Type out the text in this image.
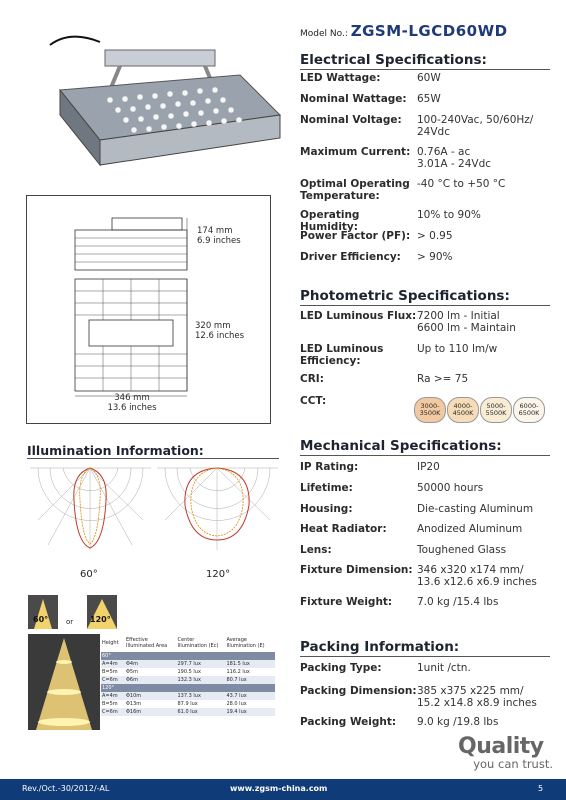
174 mm
6.9 inches
320 mm
12.6 inches
346 mm
13.6 inches
Illumination Information:
60°	120°
60°	or 120°
Height	Effective Illuminated Area	Center Illumination (Ec)	Average Illumination (E)
60°			
A=4m	Φ4m	297.7 lux	181.5 lux
B=5m	Φ5m	190.5 lux	116.2 lux
C=6m	Φ6m	132.3 lux	80.7 lux
120°			
A=4m	Φ10m	137.3 lux	43.7 lux
B=5m	Φ13m	87.9 lux	28.0 lux
C=6m	Φ16m	61.0 lux	19.4 lux
Model No.: ZGSM-LGCD60WD
Electrical Specifications:
LED Wattage:	60W
Nominal Wattage: 65W
Nominal Voltage:	100-240Vac, 50/60Hz/
24Vdc
Maximum Current: 0.76A - ac
3.01A - 24Vdc
Optimal Operating
Temperature:
-40 °C to +50 °C
Operating Humidity:
10% to 90%
Power Factor (PF): > 0.95
Driver Efficiency:	> 90%
Photometric Specifications:
LED Luminous Flux: 7200 lm - Initial
6600 lm - Maintain
LED Luminous
Efficiency:
Up to 110 lm/w
CRI:	Ra >= 75
CCT:	3000-
3500K
4000-
4500K
5000-
5500K
6000-
6500K
Mechanical Specifications:
IP Rating:	IP20
Lifetime:	50000 hours
Housing:	Die-casting Aluminum
Heat Radiator:	Anodized Aluminum
Lens:	Toughened Glass
Fixture Dimension: 346 x320 x174 mm/
13.6 x12.6 x6.9 inches
Fixture Weight:	7.0 kg /15.4 lbs
Packing Information:
Packing Type:	1unit /ctn.
Packing Dimension: 385 x375 x225 mm/
15.2 x14.8 x8.9 inches
Packing Weight:	9.0 kg /19.8 lbs
Quality
you can trust.
Rev./Oct.-30/2012/-AL	www.zgsm-china.com	5
